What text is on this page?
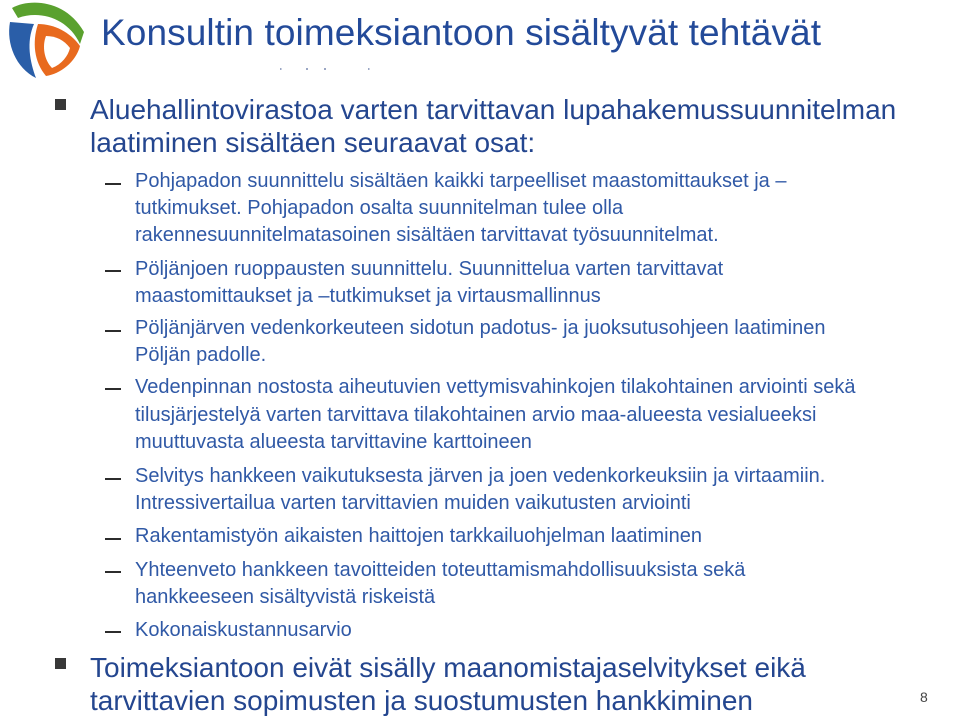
Konsultin toimeksiantoon sisältyvät tehtävät
Aluehallintovirastoa varten tarvittavan lupahakemussuunnitelman
laatiminen sisältäen seuraavat osat:
Pohjapadon suunnittelu sisältäen kaikki tarpeelliset maastomittaukset ja –
tutkimukset. Pohjapadon osalta suunnitelman tulee olla
rakennesuunnitelmatasoinen sisältäen tarvittavat työsuunnitelmat.
Pöljänjoen ruoppausten suunnittelu. Suunnittelua varten tarvittavat
maastomittaukset ja –tutkimukset ja virtausmallinnus
Pöljänjärven vedenkorkeuteen sidotun padotus- ja juoksutusohjeen laatiminen
Pöljän padolle.
Vedenpinnan nostosta aiheutuvien vettymisvahinkojen tilakohtainen arviointi sekä
tilusjärjestelyä varten tarvittava tilakohtainen arvio maa-alueesta vesialueeksi
muuttuvasta alueesta tarvittavine karttoineen
Selvitys hankkeen vaikutuksesta järven ja joen vedenkorkeuksiin ja virtaamiin.
Intressivertailua varten tarvittavien muiden vaikutusten arviointi
Rakentamistyön aikaisten haittojen tarkkailuohjelman laatiminen
Yhteenveto hankkeen tavoitteiden toteuttamismahdollisuuksista sekä
hankkeeseen sisältyvistä riskeistä
Kokonaiskustannusarvio
Toimeksiantoon eivät sisälly maanomistajaselvitykset eikä
tarvittavien sopimusten ja suostumusten hankkiminen	8
